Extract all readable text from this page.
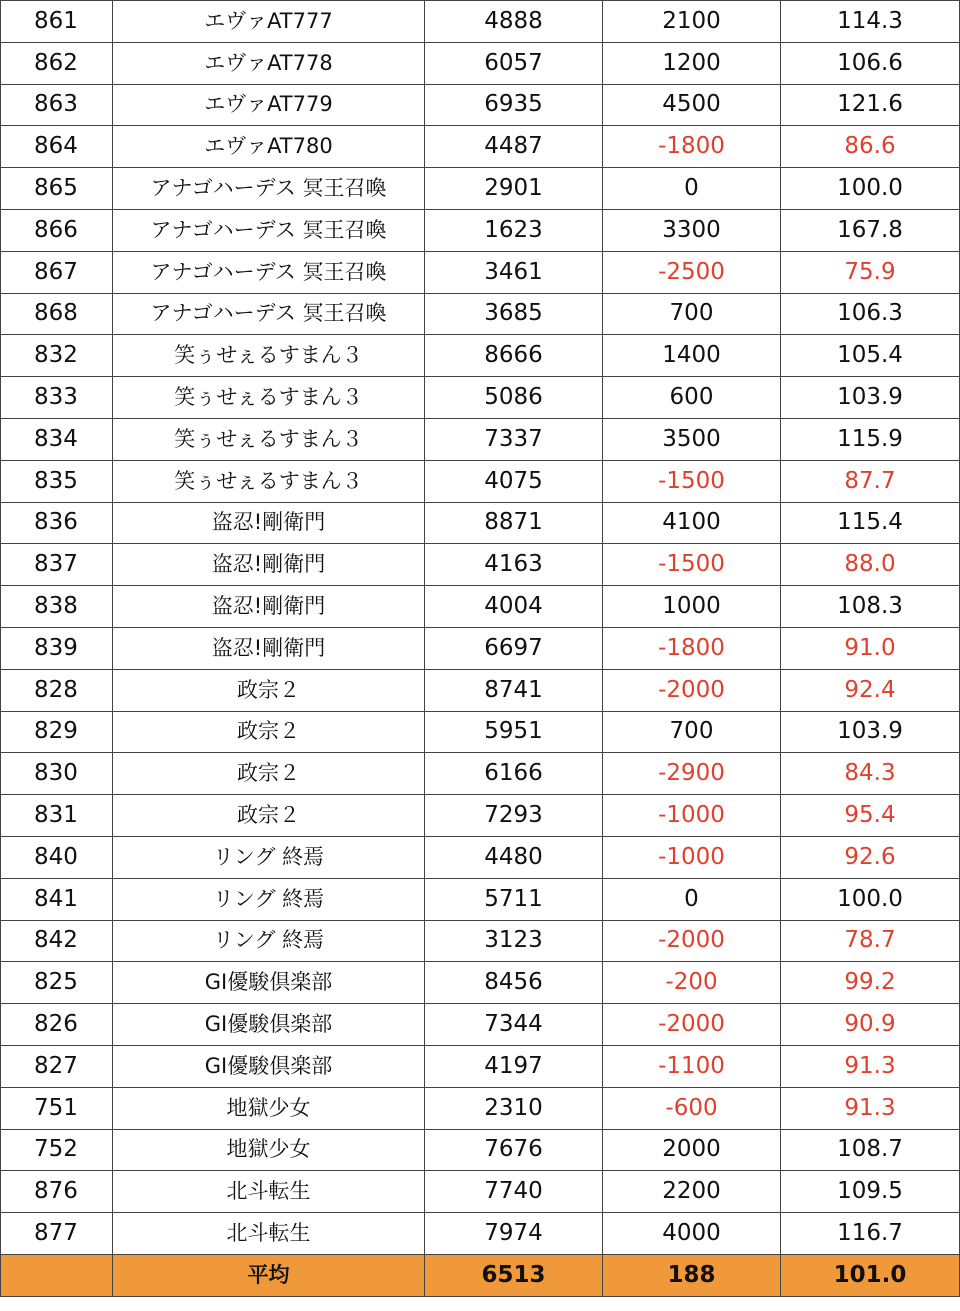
861	エヴァAT777	4888	2100	114.3
862	エヴァAT778	6057	1200	106.6
863	エヴァAT779	6935	4500	121.6
864	エヴァAT780	4487	-1800	86.6
865	アナゴハーデス 冥王召喚	2901	0	100.0
866	アナゴハーデス 冥王召喚	1623	3300	167.8
867	アナゴハーデス 冥王召喚	3461	-2500	75.9
868	アナゴハーデス 冥王召喚	3685	700	106.3
832	笑ぅせぇるすまん３	8666	1400	105.4
833	笑ぅせぇるすまん３	5086	600	103.9
834	笑ぅせぇるすまん３	7337	3500	115.9
835	笑ぅせぇるすまん３	4075	-1500	87.7
836	盗忍!剛衛門	8871	4100	115.4
837	盗忍!剛衛門	4163	-1500	88.0
838	盗忍!剛衛門	4004	1000	108.3
839	盗忍!剛衛門	6697	-1800	91.0
828	政宗２	8741	-2000	92.4
829	政宗２	5951	700	103.9
830	政宗２	6166	-2900	84.3
831	政宗２	7293	-1000	95.4
840	リング 終焉	4480	-1000	92.6
841	リング 終焉	5711	0	100.0
842	リング 終焉	3123	-2000	78.7
825	GI優駿倶楽部	8456	-200	99.2
826	GI優駿倶楽部	7344	-2000	90.9
827	GI優駿倶楽部	4197	-1100	91.3
751	地獄少女	2310	-600	91.3
752	地獄少女	7676	2000	108.7
876	北斗転生	7740	2200	109.5
877	北斗転生	7974	4000	116.7
	平均	6513	188	101.0
